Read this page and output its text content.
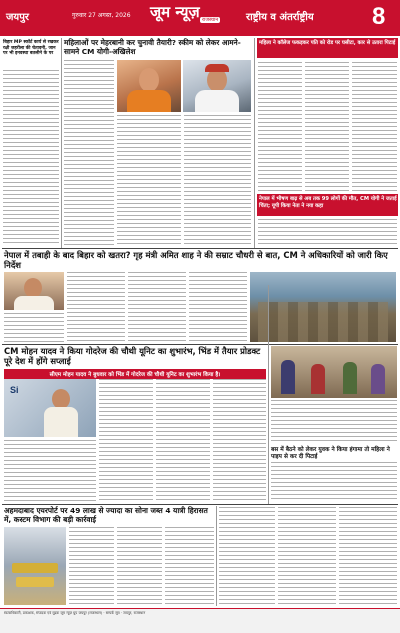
जयपुर	गुरुवार 27 अगस्त, 2026 जूम न्यूज़ राजस्थान	राष्ट्रीय व अंतर्राष्ट्रीय 8
बिहार MP स्कॉर्ट कार्य से रखकर रक्षी जहरीला की चेतावनी, जान पर भी इनवस्था बतलीने के पर
महिलाओं पर मेहरबानी कर चुनावी तैयारी? स्कीम को लेकर आमने-सामने CM योगी-अखिलेश
महिला ने कॉलेज फकड़कर पति को रोड पर घसीटा, कार से उतारा पिटाई
नेपाल में भीषण बाढ़ से अब तक 99 लोगों की मौत, CM योगी ने जताई चिंता; यूपी किया नेता ने नया कहा
नेपाल में तबाही के बाद बिहार को खतरा? गृह मंत्री अमित शाह ने की सम्राट चौधरी से बात, CM ने अधिकारियों को जारी किए निर्देश
CM मोहन यादव ने किया गोदरेज की चौथी यूनिट का शुभारंभ, भिंड में तैयार प्रोडक्ट पूरे देश में होंगे सप्लाई
सीएम मोहन यादव ने बुधवार को भिंड में गोदरेज की चौथी यूनिट का शुभारंभ किया है।
Si
बस में बैठने को लेकर युवक ने किया हंगामा तो महिला ने पाइप से कर दी पिटाई
अहमदाबाद एयरपोर्ट पर 49 लाख से ज्यादा का सोना जब्त 4 यात्री हिरासत में, कस्टम विभाग की बड़ी कार्रवाई
स्वत्वाधिकारी, प्रकाशक, संपादक एवं मुद्रक जूम न्यूज़ ग्रुप जयपुर (राजस्थान) · सम्पर्क सूत्र · जयपुर, राजस्थान
